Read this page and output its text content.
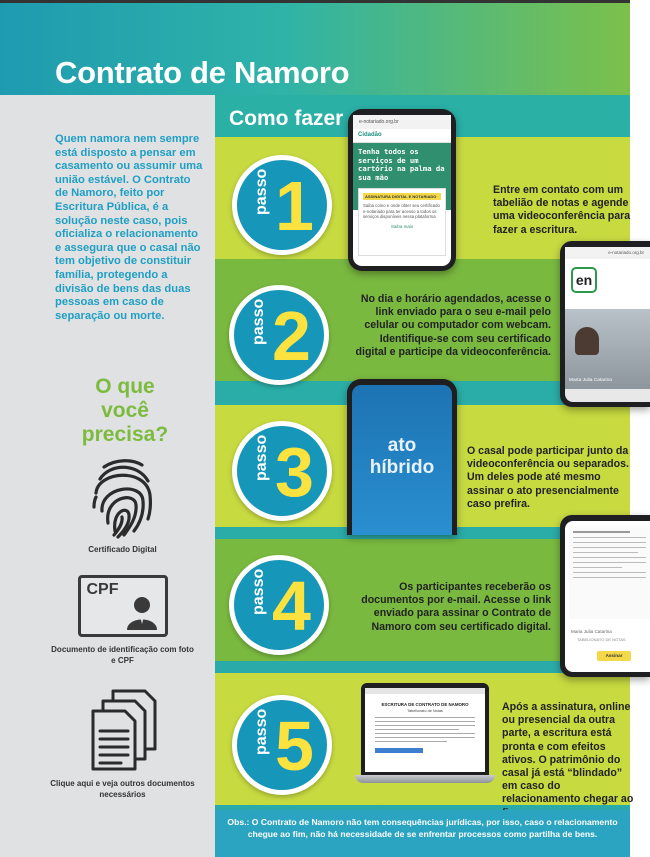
Contrato de Namoro

Quem namora nem sempre está disposto a pensar em casamento ou assumir uma união estável. O Contrato de Namoro, feito por Escritura Pública, é a solução neste caso, pois oficializa o relacionamento e assegura que o casal não tem objetivo de constituir família, protegendo a divisão de bens das duas pessoas em caso de separação ou morte.

O que você precisa?
Certificado Digital
CPF
Documento de identificação com foto e CPF
Clique aqui e veja outros documentos necessários
Como fazer
passo 1	Entre em contato com um tabelião de notas e agende uma videoconferência para fazer a escritura.

e-notariado.org.br
Cidadão
Tenha todos os serviços de um cartório na palma da sua mão
ASSINATURA DIGITAL E NOTARIADO
Saiba como e onde obter seu certificado e-notariado para ter acesso a todos os serviços disponíveis nessa plataforma
Saiba mais
passo 2	No dia e horário agendados, acesse o link enviado para o seu e-mail pelo celular ou computador com webcam. Identifique-se com seu certificado digital e participe da videoconferência.

e-notariado.org.br
en
Marta Julia Catarina
passo 3	O casal pode participar junto da videoconferência ou separados. Um deles pode até mesmo assinar o ato presencialmente caso prefira.

ato
híbrido
passo 4	Os participantes receberão os documentos por e-mail. Acesse o link enviado para assinar o Contrato de Namoro com seu certificado digital.	Maria Julia Catarina
TABELIONATO DE NOTAS
Assinar
passo 5	Após a assinatura, online ou presencial da outra parte, a escritura está pronta e com efeitos ativos. O patrimônio do casal já está “blindado” em caso do relacionamento chegar ao

ESCRITURA DE CONTRATO DE NAMORO
Tabelionato de Notas
Obs.: O Contrato de Namoro não tem consequências jurídicas, por isso, caso o relacionamento chegue ao fim, não há necessidade de se enfrentar processos como partilha de bens.
